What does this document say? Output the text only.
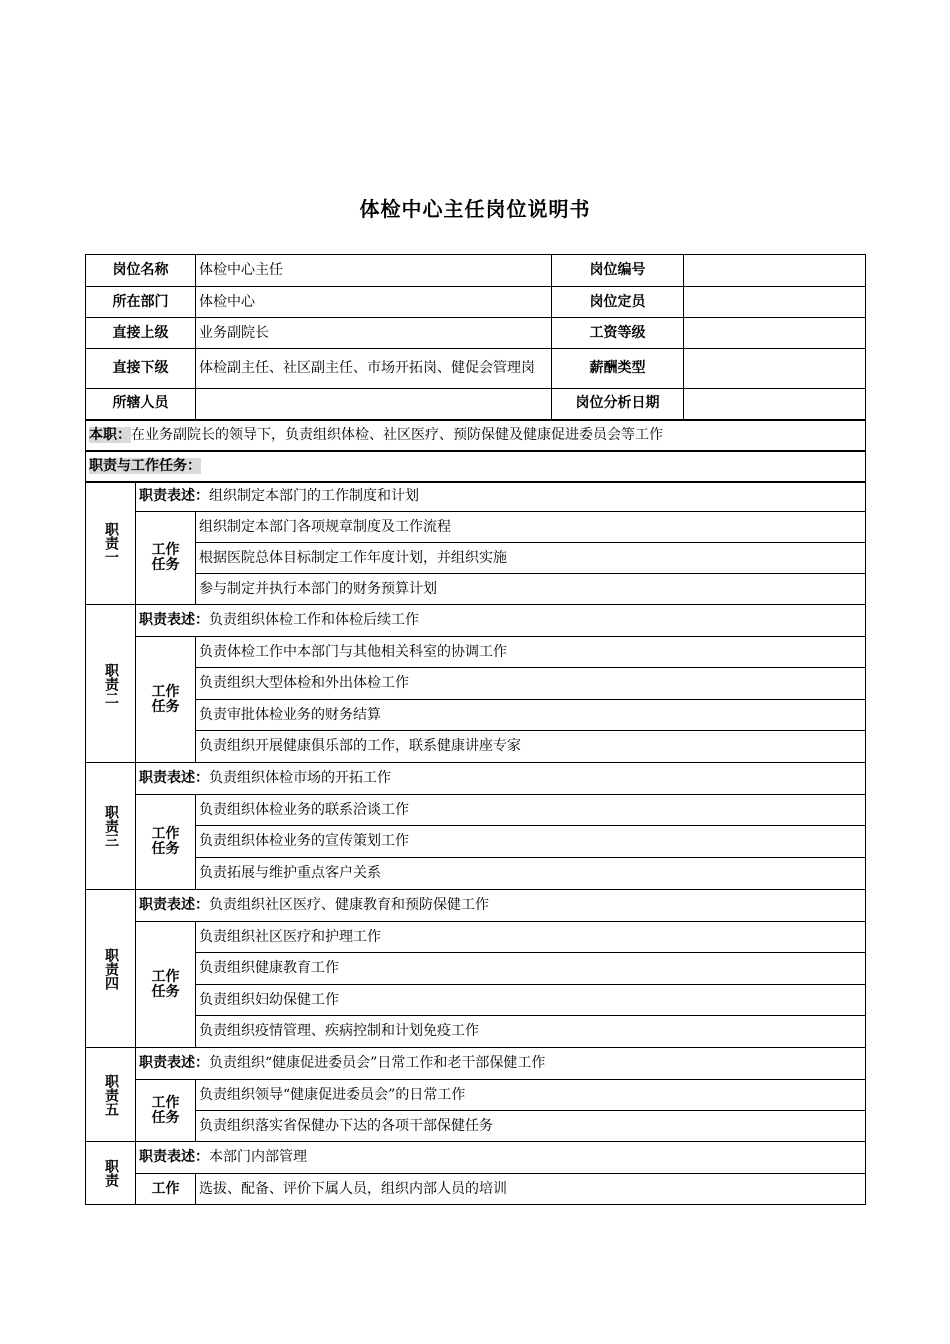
体检中心主任岗位说明书
岗位名称		体检中心主任	岗位编号	
所在部门		体检中心	岗位定员	
直接上级		业务副院长	工资等级	
直接下级		体检副主任、社区副主任、市场开拓岗、健促会管理岗	薪酬类型	
所辖人员			岗位分析日期	
本职：在业务副院长的领导下，负责组织体检、社区医疗、预防保健及健康促进委员会等工作				
职责与工作任务：				
职责一	职责表述：组织制定本部门的工作制度和计划			

	工作任务	组织制定本部门各项规章制度及工作流程		
		根据医院总体目标制定工作年度计划，并组织实施		
		参与制定并执行本部门的财务预算计划		
职责二	职责表述：负责组织体检工作和体检后续工作			

	工作任务	负责体检工作中本部门与其他相关科室的协调工作		
		负责组织大型体检和外出体检工作		
		负责审批体检业务的财务结算		
		负责组织开展健康俱乐部的工作，联系健康讲座专家		
职责三	职责表述：负责组织体检市场的开拓工作			

	工作任务	负责组织体检业务的联系洽谈工作		
		负责组织体检业务的宣传策划工作		
		负责拓展与维护重点客户关系		
职责四	职责表述：负责组织社区医疗、健康教育和预防保健工作			

	工作任务	负责组织社区医疗和护理工作		
		负责组织健康教育工作		
		负责组织妇幼保健工作		
		负责组织疫情管理、疾病控制和计划免疫工作		
职责五	职责表述：负责组织“健康促进委员会”日常工作和老干部保健工作			

	工作任务	负责组织领导“健康促进委员会”的日常工作		
		负责组织落实省保健办下达的各项干部保健任务		
职责	职责表述：本部门内部管理			
	工作	选拔、配备、评价下属人员，组织内部人员的培训		
